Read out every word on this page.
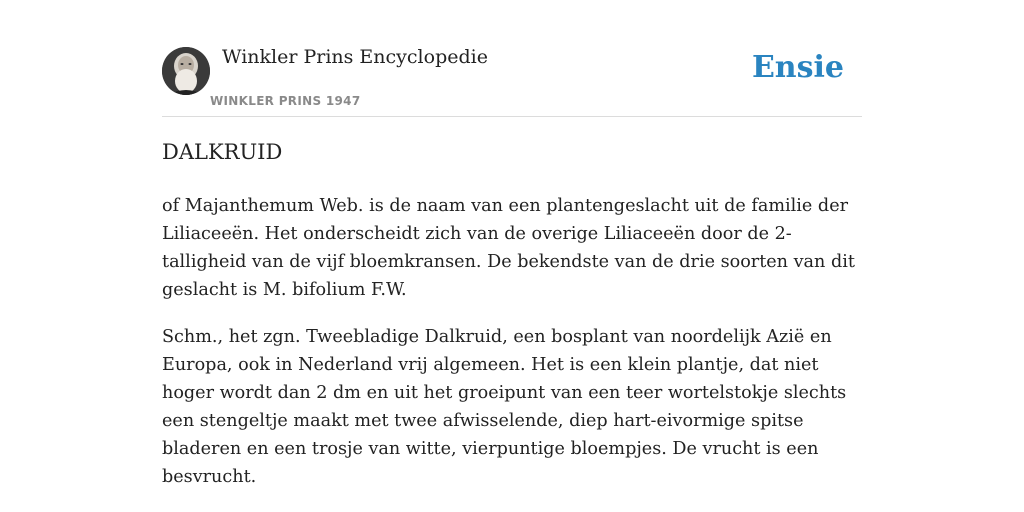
Winkler Prins Encyclopedie
WINKLER PRINS 1947
Ensie
DALKRUID

of Majanthemum Web. is de naam van een plantengeslacht uit de familie der Liliaceeën. Het onderscheidt zich van de overige Liliaceeën door de 2-talligheid van de vijf bloemkransen. De bekendste van de drie soorten van dit geslacht is M. bifolium F.W.

Schm., het zgn. Tweebladige Dalkruid, een bosplant van noordelijk Azië en Europa, ook in Nederland vrij algemeen. Het is een klein plantje, dat niet hoger wordt dan 2 dm en uit het groeipunt van een teer wortelstokje slechts een stengeltje maakt met twee afwisselende, diep hart-eivormige spitse bladeren en een trosje van witte, vierpuntige bloempjes. De vrucht is een besvrucht.
